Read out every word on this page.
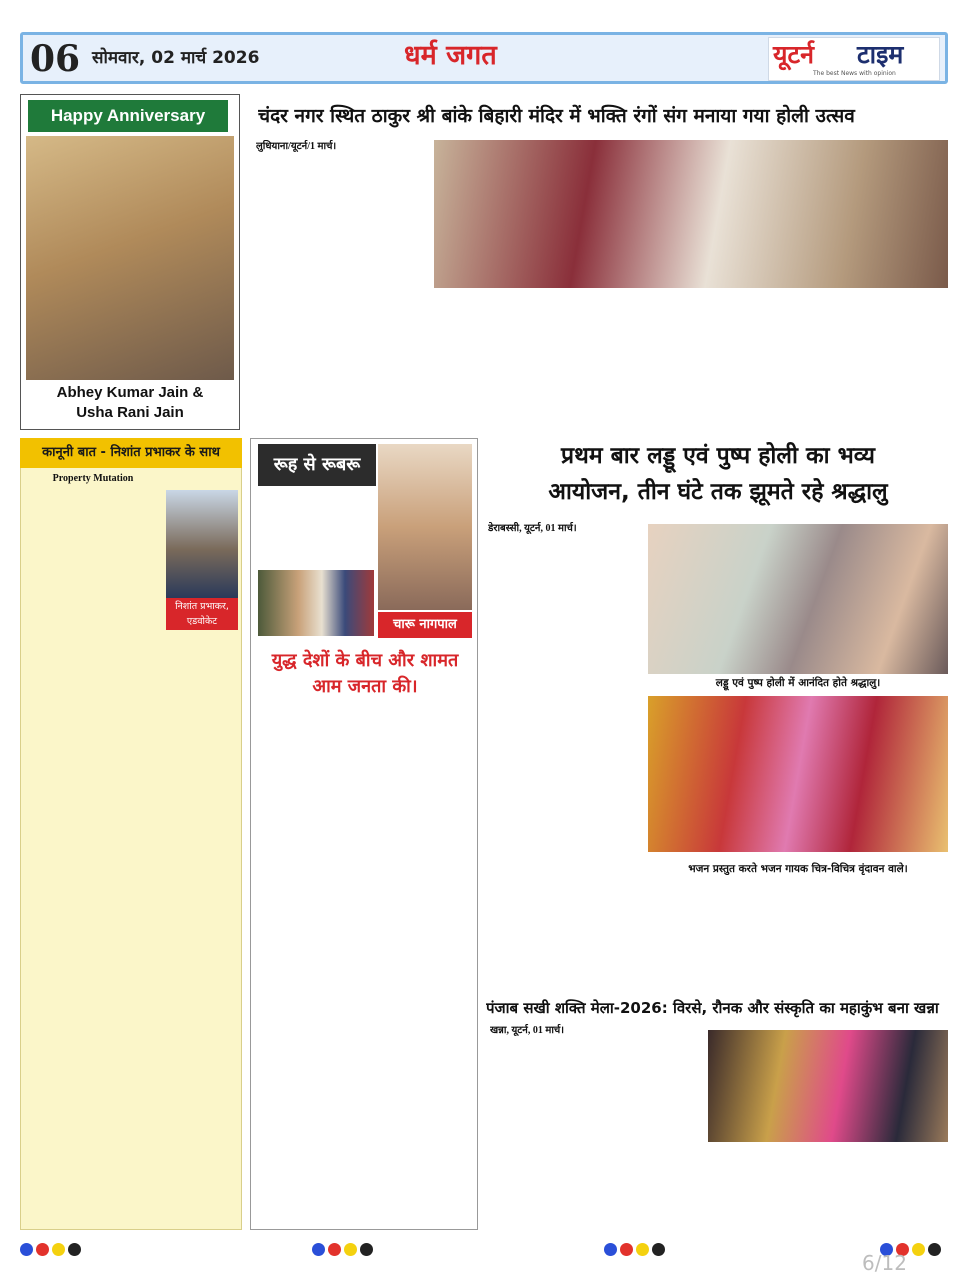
06 सोमवार, 02 मार्च 2026	धर्म जगत	यूटर्न टाइम
The best News with opinion
Happy Anniversary
Abhey Kumar Jain &
Usha Rani Jain
चंदर नगर स्थित ठाकुर श्री बांके बिहारी मंदिर में भक्ति रंगों संग मनाया गया होली उत्सव
लुधियाना/यूटर्न/1 मार्च।
कानूनी बात - निशांत प्रभाकर के साथ
Property Mutation
निशांत प्रभाकर,
एडवोकेट
रूह से रूबरू
चारू नागपाल
युद्ध देशों के बीच और शामत
आम जनता की।
प्रथम बार लड्डू एवं पुष्प होली का भव्य
आयोजन, तीन घंटे तक झूमते रहे श्रद्धालु
डेराबस्सी, यूटर्न, 01 मार्च।
लड्डू एवं पुष्प होली में आनंदित होते श्रद्धालु।
भजन प्रस्तुत करते भजन गायक चित्र-विचित्र वृंदावन वाले।
पंजाब सखी शक्ति मेला-2026: विरसे, रौनक और संस्कृति का महाकुंभ बना खन्ना
खन्ना, यूटर्न, 01 मार्च।
6/12
